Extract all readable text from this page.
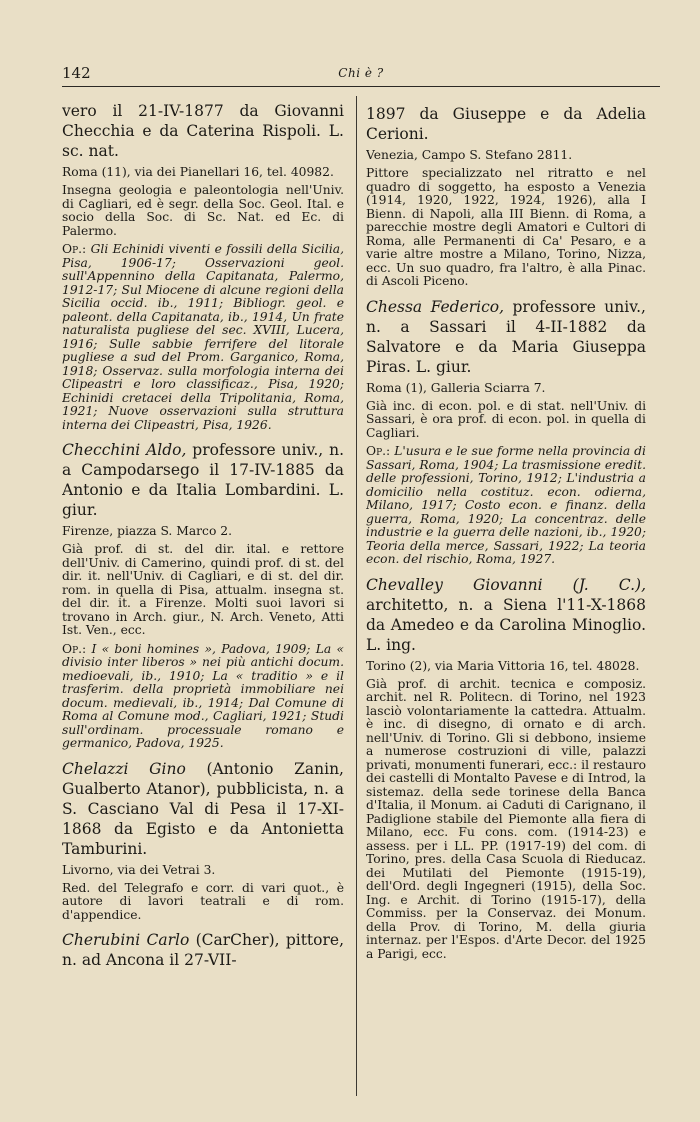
142	Chi è ?
vero il 21-IV-1877 da Giovanni Checchia e da Caterina Rispoli. L. sc. nat.
Roma (11), via dei Pianellari 16, tel. 40982.
Insegna geologia e paleontologia nell'Univ. di Cagliari, ed è segr. della Soc. Geol. Ital. e socio della Soc. di Sc. Nat. ed Ec. di Palermo.
Op.: Gli Echinidi viventi e fossili della Sicilia, Pisa, 1906-17; Osservazioni geol. sull'Appennino della Capitanata, Palermo, 1912-17; Sul Miocene di alcune regioni della Sicilia occid. ib., 1911; Bibliogr. geol. e paleont. della Capitanata, ib., 1914, Un frate naturalista pugliese del sec. XVIII, Lucera, 1916; Sulle sabbie ferrifere del litorale pugliese a sud del Prom. Garganico, Roma, 1918; Osservaz. sulla morfologia interna dei Clipeastri e loro classificaz., Pisa, 1920; Echinidi cretacei della Tripolitania, Roma, 1921; Nuove osservazioni sulla struttura interna dei Clipeastri, Pisa, 1926.
Checchini Aldo, professore univ., n. a Campodarsego il 17-IV-1885 da Antonio e da Italia Lombardini. L. giur.
Firenze, piazza S. Marco 2.
Già prof. di st. del dir. ital. e rettore dell'Univ. di Camerino, quindi prof. di st. del dir. it. nell'Univ. di Cagliari, e di st. del dir. rom. in quella di Pisa, attualm. insegna st. del dir. it. a Firenze. Molti suoi lavori si trovano in Arch. giur., N. Arch. Veneto, Atti Ist. Ven., ecc.
Op.: I « boni homines », Padova, 1909; La « divisio inter liberos » nei più antichi docum. medioevali, ib., 1910; La « traditio » e il trasferim. della proprietà immobiliare nei docum. medievali, ib., 1914; Dal Comune di Roma al Comune mod., Cagliari, 1921; Studi sull'ordinam. processuale romano e germanico, Padova, 1925.
Chelazzi Gino (Antonio Zanin, Gualberto Atanor), pubblicista, n. a S. Casciano Val di Pesa il 17-XI-1868 da Egisto e da Antonietta Tamburini.
Livorno, via dei Vetrai 3.
Red. del Telegrafo e corr. di vari quot., è autore di lavori teatrali e di rom. d'appendice.
Cherubini Carlo (CarCher), pittore, n. ad Ancona il 27-VII-
1897 da Giuseppe e da Adelia Cerioni.
Venezia, Campo S. Stefano 2811.
Pittore specializzato nel ritratto e nel quadro di soggetto, ha esposto a Venezia (1914, 1920, 1922, 1924, 1926), alla I Bienn. di Napoli, alla III Bienn. di Roma, a parecchie mostre degli Amatori e Cultori di Roma, alle Permanenti di Ca' Pesaro, e a varie altre mostre a Milano, Torino, Nizza, ecc. Un suo quadro, fra l'altro, è alla Pinac. di Ascoli Piceno.
Chessa Federico, professore univ., n. a Sassari il 4-II-1882 da Salvatore e da Maria Giuseppa Piras. L. giur.
Roma (1), Galleria Sciarra 7.
Già inc. di econ. pol. e di stat. nell'Univ. di Sassari, è ora prof. di econ. pol. in quella di Cagliari.
Op.: L'usura e le sue forme nella provincia di Sassari, Roma, 1904; La trasmissione eredit. delle professioni, Torino, 1912; L'industria a domicilio nella costituz. econ. odierna, Milano, 1917; Costo econ. e finanz. della guerra, Roma, 1920; La concentraz. delle industrie e la guerra delle nazioni, ib., 1920; Teoria della merce, Sassari, 1922; La teoria econ. del rischio, Roma, 1927.
Chevalley Giovanni (J. C.), architetto, n. a Siena l'11-X-1868 da Amedeo e da Carolina Minoglio. L. ing.
Torino (2), via Maria Vittoria 16, tel. 48028.
Già prof. di archit. tecnica e composiz. archit. nel R. Politecn. di Torino, nel 1923 lasciò volontariamente la cattedra. Attualm. è inc. di disegno, di ornato e di arch. nell'Univ. di Torino. Gli si debbono, insieme a numerose costruzioni di ville, palazzi privati, monumenti funerari, ecc.: il restauro dei castelli di Montalto Pavese e di Introd, la sistemaz. della sede torinese della Banca d'Italia, il Monum. ai Caduti di Carignano, il Padiglione stabile del Piemonte alla fiera di Milano, ecc. Fu cons. com. (1914-23) e assess. per i LL. PP. (1917-19) del com. di Torino, pres. della Casa Scuola di Rieducaz. dei Mutilati del Piemonte (1915-19), dell'Ord. degli Ingegneri (1915), della Soc. Ing. e Archit. di Torino (1915-17), della Commiss. per la Conservaz. dei Monum. della Prov. di Torino, M. della giuria internaz. per l'Espos. d'Arte Decor. del 1925 a Parigi, ecc.
